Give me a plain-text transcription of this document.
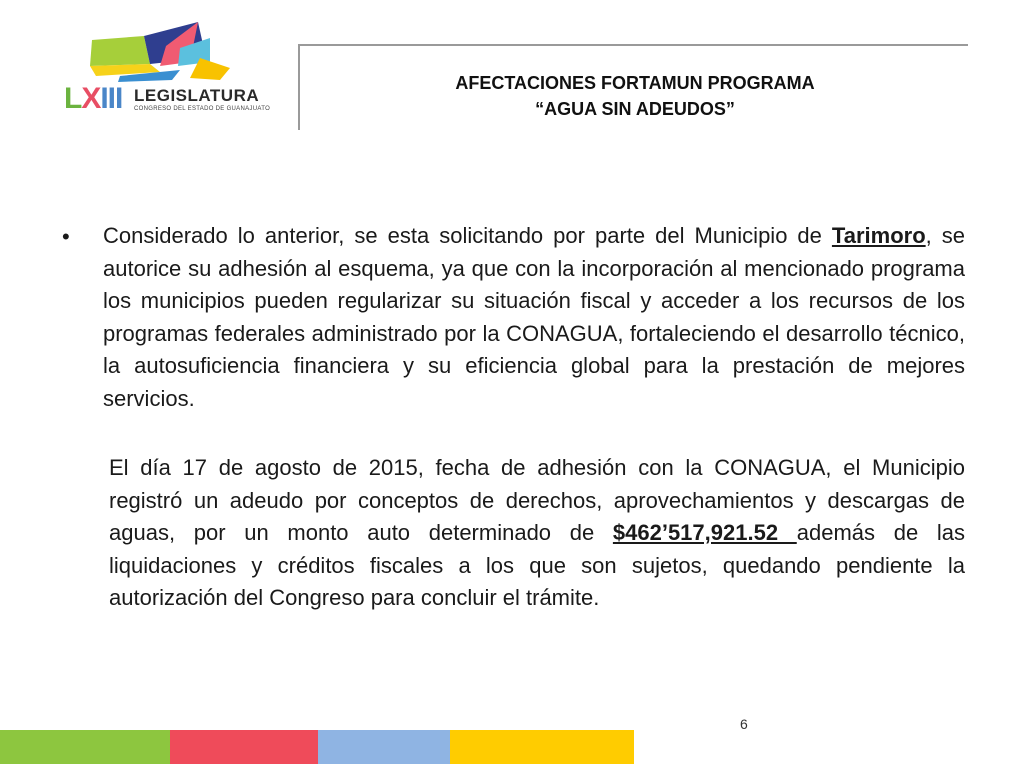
LXIII LEGISLATURA
CONGRESO DEL ESTADO DE GUANAJUATO
AFECTACIONES FORTAMUN PROGRAMA
“AGUA SIN ADEUDOS”
• Considerado lo anterior, se esta solicitando por parte del Municipio de Tarimoro, se autorice su adhesión al esquema, ya que con la incorporación al mencionado programa los municipios pueden regularizar su situación fiscal y acceder a los recursos de los programas federales administrado por la CONAGUA, fortaleciendo el desarrollo técnico, la autosuficiencia financiera y su eficiencia global para la prestación de mejores servicios.

El día 17 de agosto de 2015, fecha de adhesión con la CONAGUA, el Municipio registró un adeudo por conceptos de derechos, aprovechamientos y descargas de aguas, por un monto auto determinado de $462’517,921.52 además de las liquidaciones y créditos fiscales a los que son sujetos, quedando pendiente la autorización del Congreso para concluir el trámite.

6
